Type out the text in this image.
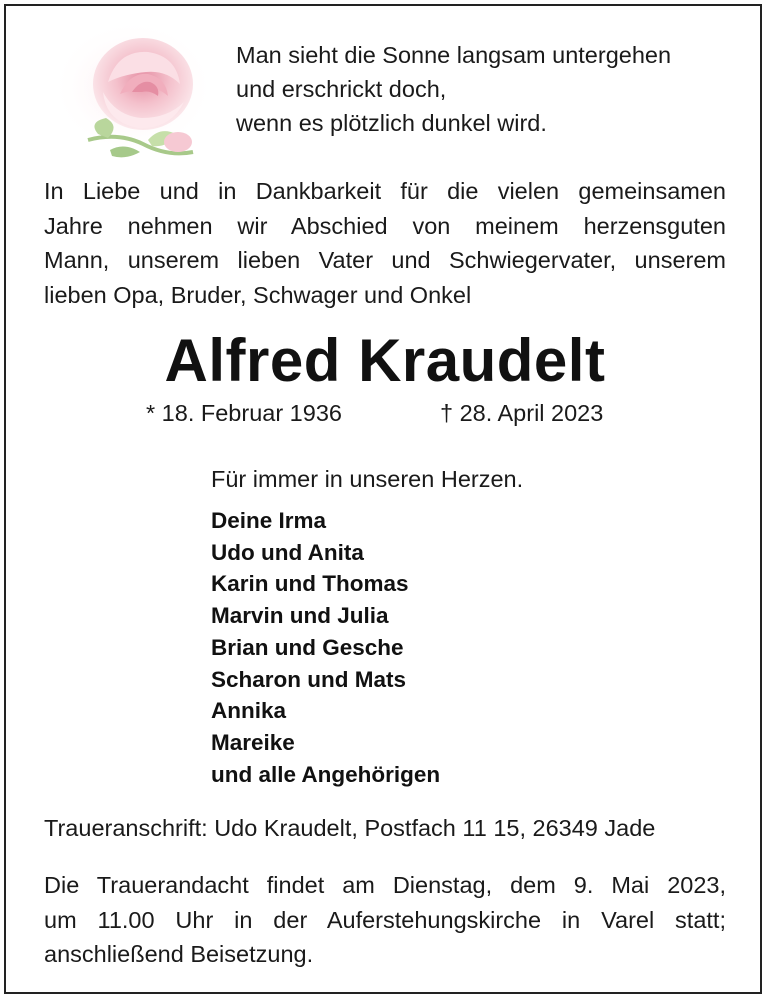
Man sieht die Sonne langsam untergehen
und erschrickt doch,
wenn es plötzlich dunkel wird.
In Liebe und in Dankbarkeit für die vielen gemeinsamen
Jahre nehmen wir Abschied von meinem herzensguten
Mann, unserem lieben Vater und Schwiegervater, unserem
lieben Opa, Bruder, Schwager und Onkel
Alfred Kraudelt
* 18. Februar 1936	† 28. April 2023
Für immer in unseren Herzen.
Deine Irma
Udo und Anita
Karin und Thomas
Marvin und Julia
Brian und Gesche
Scharon und Mats
Annika
Mareike
und alle Angehörigen
Traueranschrift: Udo Kraudelt, Postfach 11 15, 26349 Jade
Die Trauerandacht findet am Dienstag, dem 9. Mai 2023,
um 11.00 Uhr in der Auferstehungskirche in Varel statt;
anschließend Beisetzung.
